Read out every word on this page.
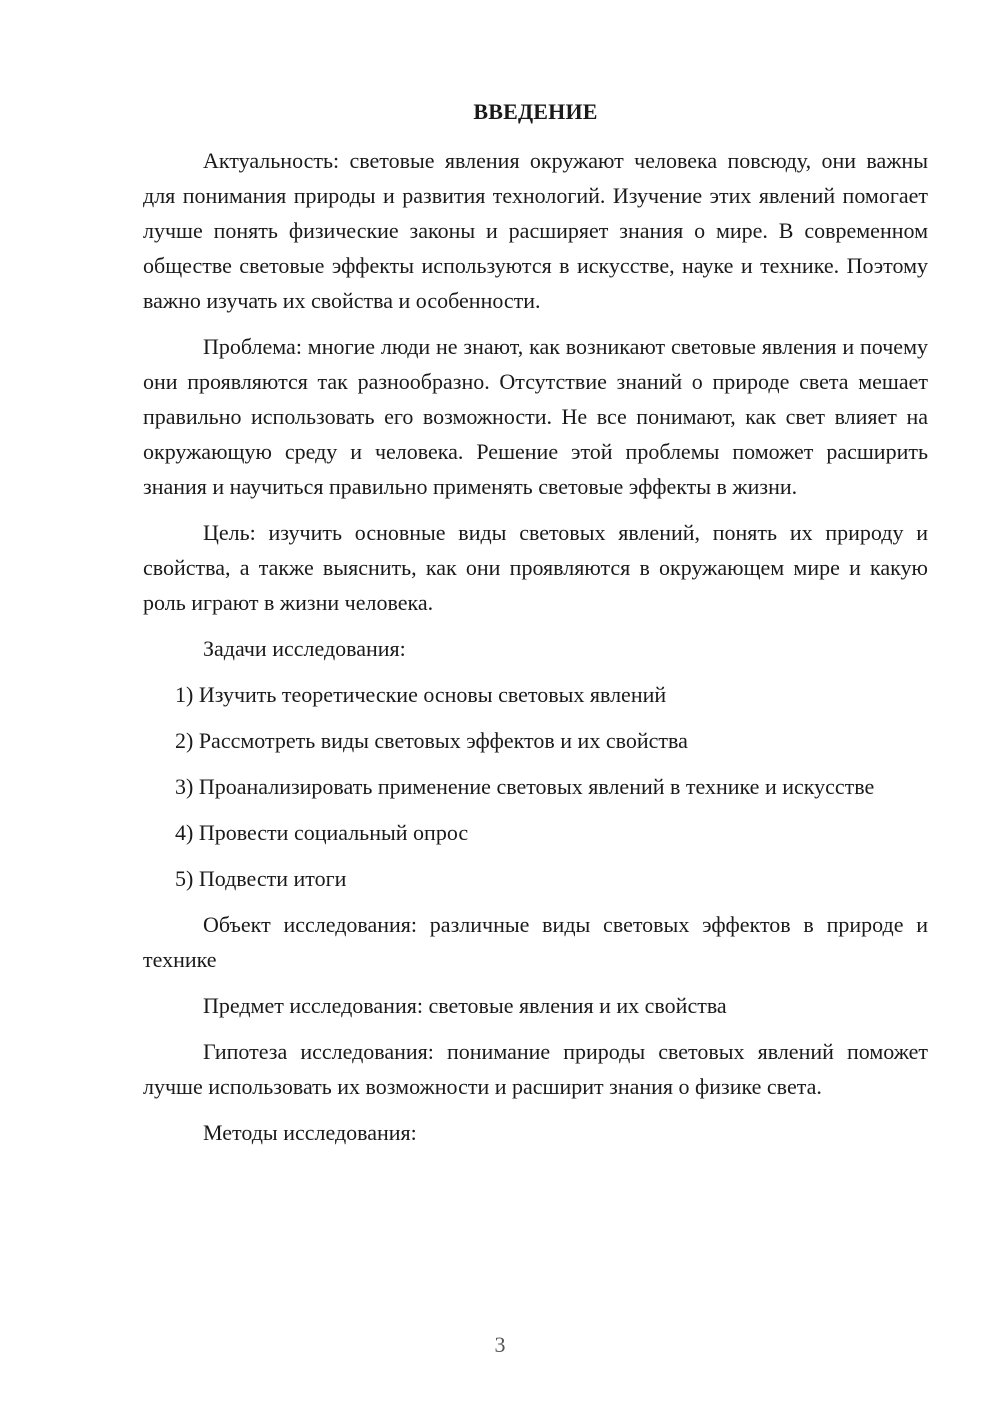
ВВЕДЕНИЕ

Актуальность: световые явления окружают человека повсюду, они важны для понимания природы и развития технологий. Изучение этих явлений помогает лучше понять физические законы и расширяет знания о мире. В современном обществе световые эффекты используются в искусстве, науке и технике. Поэтому важно изучать их свойства и особенности.

Проблема: многие люди не знают, как возникают световые явления и почему они проявляются так разнообразно. Отсутствие знаний о природе света мешает правильно использовать его возможности. Не все понимают, как свет влияет на окружающую среду и человека. Решение этой проблемы поможет расширить знания и научиться правильно применять световые эффекты в жизни.

Цель: изучить основные виды световых явлений, понять их природу и свойства, а также выяснить, как они проявляются в окружающем мире и какую роль играют в жизни человека.

Задачи исследования:

1) Изучить теоретические основы световых явлений

2) Рассмотреть виды световых эффектов и их свойства

3) Проанализировать применение световых явлений в технике и искусстве

4) Провести социальный опрос

5) Подвести итоги

Объект исследования: различные виды световых эффектов в природе и технике

Предмет исследования: световые явления и их свойства

Гипотеза исследования: понимание природы световых явлений поможет лучше использовать их возможности и расширит знания о физике света.

Методы исследования:

3
